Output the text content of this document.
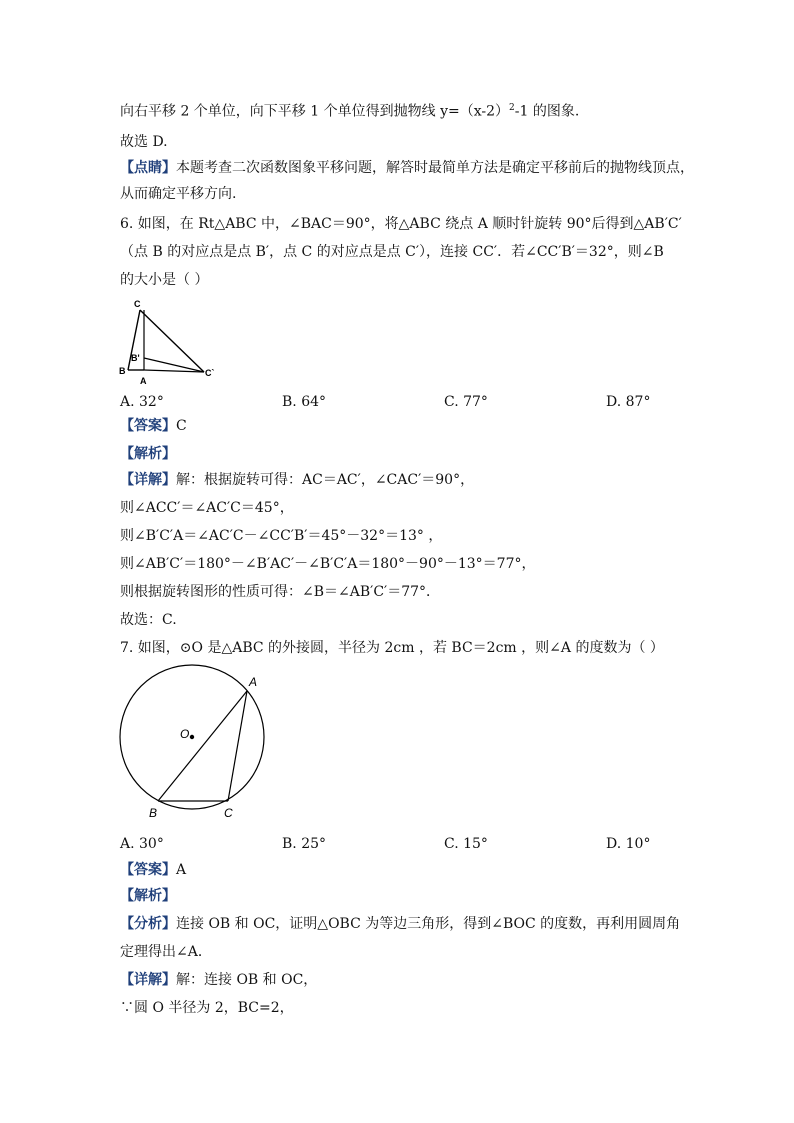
向右平移 2 个单位，向下平移 1 个单位得到抛物线 $y=(x-2)^2-1$ 的图象.
故选 D.
【点睛】本题考查二次函数图象平移问题，解答时最简单方法是确定平移前后的抛物线顶点，
从而确定平移方向.
6. 如图，在 Rt△ABC 中，∠BAC＝90°，将△ABC 绕点 A 顺时针旋转 90°后得到△AB′C′
（点 B 的对应点是点 B′，点 C 的对应点是点 C′），连接 CC′．若∠CC′B′＝32°，则∠B
的大小是（ ）
C
B'
B
A
C`
A. 32°	B. 64°	C. 77°	D. 87°
【答案】C
【解析】
【详解】解：根据旋转可得：AC＝AC′，∠CAC′＝90°，
则∠ACC′＝∠AC′C＝45°，
则∠B′C′A＝∠AC′C－∠CC′B′＝45°－32°＝13° ，
则∠AB′C′＝180°－∠B′AC′－∠B′C′A＝180°－90°－13°＝77°，
则根据旋转图形的性质可得：∠B＝∠AB′C′＝77°．
故选：C.
7. 如图，⊙O 是△ABC 的外接圆，半径为 2cm ，若 BC＝2cm ，则∠A 的度数为（ ）
A
O
B	C
A. 30°	B. 25°	C. 15°	D. 10°
【答案】A
【解析】
【分析】连接 OB 和 OC，证明△OBC 为等边三角形，得到∠BOC 的度数，再利用圆周角
定理得出∠A．
【详解】解：连接 OB 和 OC，
∵圆 O 半径为 2，BC=2，
